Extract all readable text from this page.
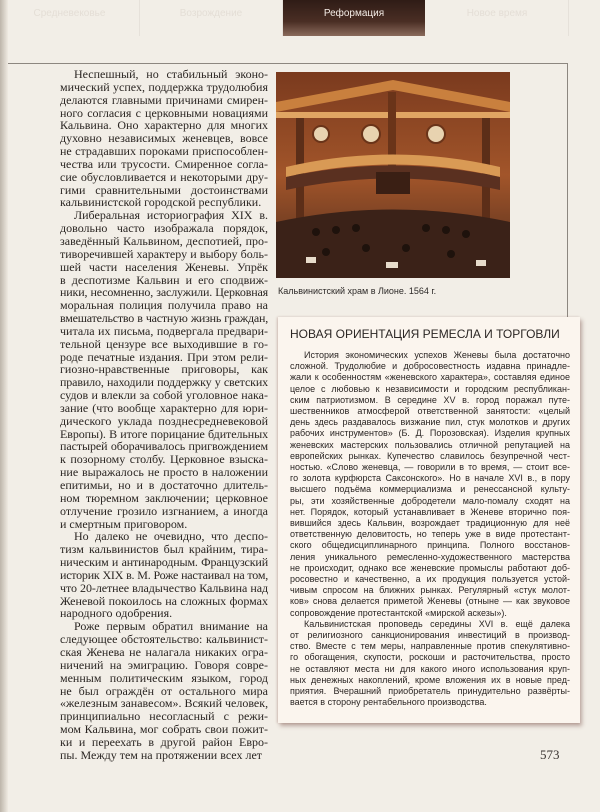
Средневековье	Возрождение	Реформация	Новое время
Неспешный, но стабильный эконо-
мический успех, поддержка трудолюбия
делаются главными причинами смирен-
ного согласия с церковными новациями
Кальвина. Оно характерно для многих
духовно независимых женевцев, вовсе
не страдавших пороками приспособлен-
чества или трусости. Смиренное согла-
сие обусловливается и некоторыми дру-
гими сравнительными достоинствами
кальвинистской городской республики.
Либеральная историография XIX в.
довольно часто изображала порядок,
заведённый Кальвином, деспотией, про-
тиворечившей характеру и выбору боль-
шей части населения Женевы. Упрёк
в деспотизме Кальвин и его сподвиж-
ники, несомненно, заслужили. Церковная
моральная полиция получила право на
вмешательство в частную жизнь граждан,
читала их письма, подвергала предвари-
тельной цензуре все выходившие в го-
роде печатные издания. При этом рели-
гиозно-нравственные приговоры, как
правило, находили поддержку у светских
судов и влекли за собой уголовное нака-
зание (что вообще характерно для юри-
дического уклада позднесредневековой
Европы). В итоге порицание бдительных
пастырей оборачивалось пригвождением
к позорному столбу. Церковное взыска-
ние выражалось не просто в наложении
епитимьи, но и в достаточно длитель-
ном тюремном заключении; церковное
отлучение грозило изгнанием, а иногда
и смертным приговором.
Но далеко не очевидно, что деспо-
тизм кальвинистов был крайним, тира-
ническим и антинародным. Французский
историк XIX в. М. Роже настаивал на том,
что 20-летнее владычество Кальвина над
Женевой покоилось на сложных формах
народного одобрения.
Роже первым обратил внимание на
следующее обстоятельство: кальвинист-
ская Женева не налагала никаких огра-
ничений на эмиграцию. Говоря совре-
менным политическим языком, город
не был ограждён от остального мира
«железным занавесом». Всякий человек,
принципиально несогласный с режи-
мом Кальвина, мог собрать свои пожит-
ки и переехать в другой район Евро-
пы. Между тем на протяжении всех лет
Кальвинистский храм в Лионе. 1564 г.
НОВАЯ ОРИЕНТАЦИЯ РЕМЕСЛА И ТОРГОВЛИ
История экономических успехов Женевы была достаточно
сложной. Трудолюбие и добросовестность издавна принадле-
жали к особенностям «женевского характера», составляя единое
целое с любовью к независимости и городским республикан-
ским патриотизмом. В середине XV в. город поражал путе-
шественников атмосферой ответственной занятости: «целый
день здесь раздавалось визжание пил, стук молотков и других
рабочих инструментов» (Б. Д. Порозовская). Изделия крупных
женевских мастерских пользовались отличной репутацией на
европейских рынках. Купечество славилось безупречной чест-
ностью. «Слово женевца, — говорили в то время, — стоит все-
го золота курфюрста Саксонского». Но в начале XVI в., в пору
высшего подъёма коммерциализма и ренессансной культу-
ры, эти хозяйственные добродетели мало-помалу сходят на
нет. Порядок, который устанавливает в Женеве вторично поя-
вившийся здесь Кальвин, возрождает традиционную для неё
ответственную деловитость, но теперь уже в виде протестант-
ского общедисциплинарного принципа. Полного восстанов-
ления уникального ремесленно-художественного мастерства
не происходит, однако все женевские промыслы работают доб-
росовестно и качественно, а их продукция пользуется устой-
чивым спросом на ближних рынках. Регулярный «стук молот-
ков» снова делается приметой Женевы (отныне — как звуковое
сопровождение протестантской «мирской аскезы»).
Кальвинистская проповедь середины XVI в. ещё далека
от религиозного санкционирования инвестиций в производ-
ство. Вместе с тем меры, направленные против спекулятивно-
го обогащения, скупости, роскоши и расточительства, просто
не оставляют места ни для какого иного использования круп-
ных денежных накоплений, кроме вложения их в новые пред-
приятия. Вчерашний приобретатель принудительно развёрты-
вается в сторону рентабельного производства.
573
